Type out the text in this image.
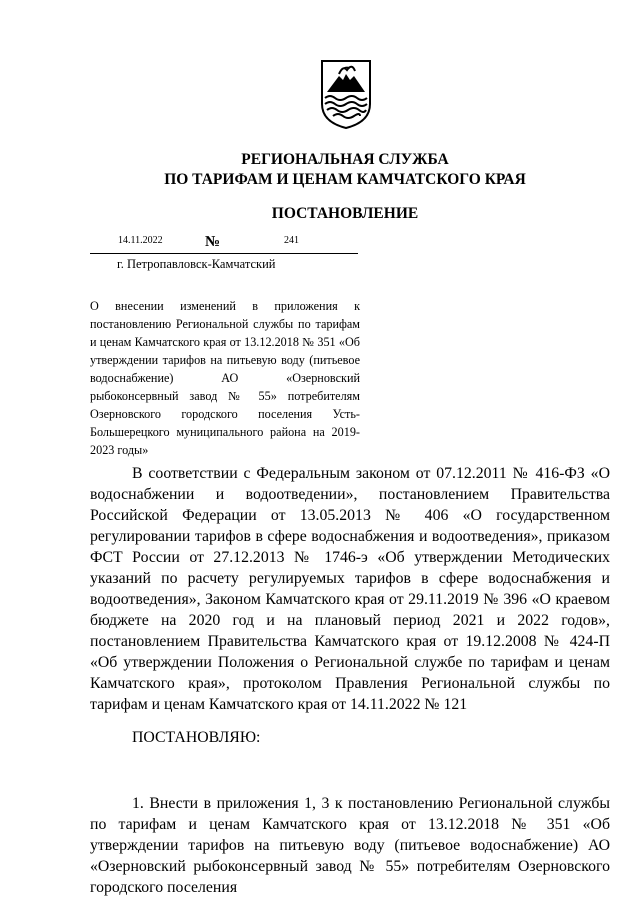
РЕГИОНАЛЬНАЯ СЛУЖБА
ПО ТАРИФАМ И ЦЕНАМ КАМЧАТСКОГО КРАЯ
ПОСТАНОВЛЕНИЕ
14.11.2022	№	241
г. Петропавловск-Камчатский
О внесении изменений в приложения к постановлению Региональной службы по тарифам и ценам Камчатского края от 13.12.2018 № 351 «Об утверждении тарифов на питьевую воду (питьевое водоснабжение) АО «Озерновский рыбоконсервный завод № 55» потребителям Озерновского городского поселения Усть-Большерецкого муниципального района на 2019-2023 годы»
В соответствии с Федеральным законом от 07.12.2011 № 416-ФЗ «О водоснабжении и водоотведении», постановлением Правительства Российской Федерации от 13.05.2013 № 406 «О государственном регулировании тарифов в сфере водоснабжения и водоотведения», приказом ФСТ России от 27.12.2013 № 1746-э «Об утверждении Методических указаний по расчету регулируемых тарифов в сфере водоснабжения и водоотведения», Законом Камчатского края от 29.11.2019 № 396 «О краевом бюджете на 2020 год и на плановый период 2021 и 2022 годов», постановлением Правительства Камчатского края от 19.12.2008 № 424-П «Об утверждении Положения о Региональной службе по тарифам и ценам Камчатского края», протоколом Правления Региональной службы по тарифам и ценам Камчатского края от 14.11.2022 № 121
ПОСТАНОВЛЯЮ:
1. Внести в приложения 1, 3 к постановлению Региональной службы по тарифам и ценам Камчатского края от 13.12.2018 № 351 «Об утверждении тарифов на питьевую воду (питьевое водоснабжение) АО «Озерновский рыбоконсервный завод № 55» потребителям Озерновского городского поселения
